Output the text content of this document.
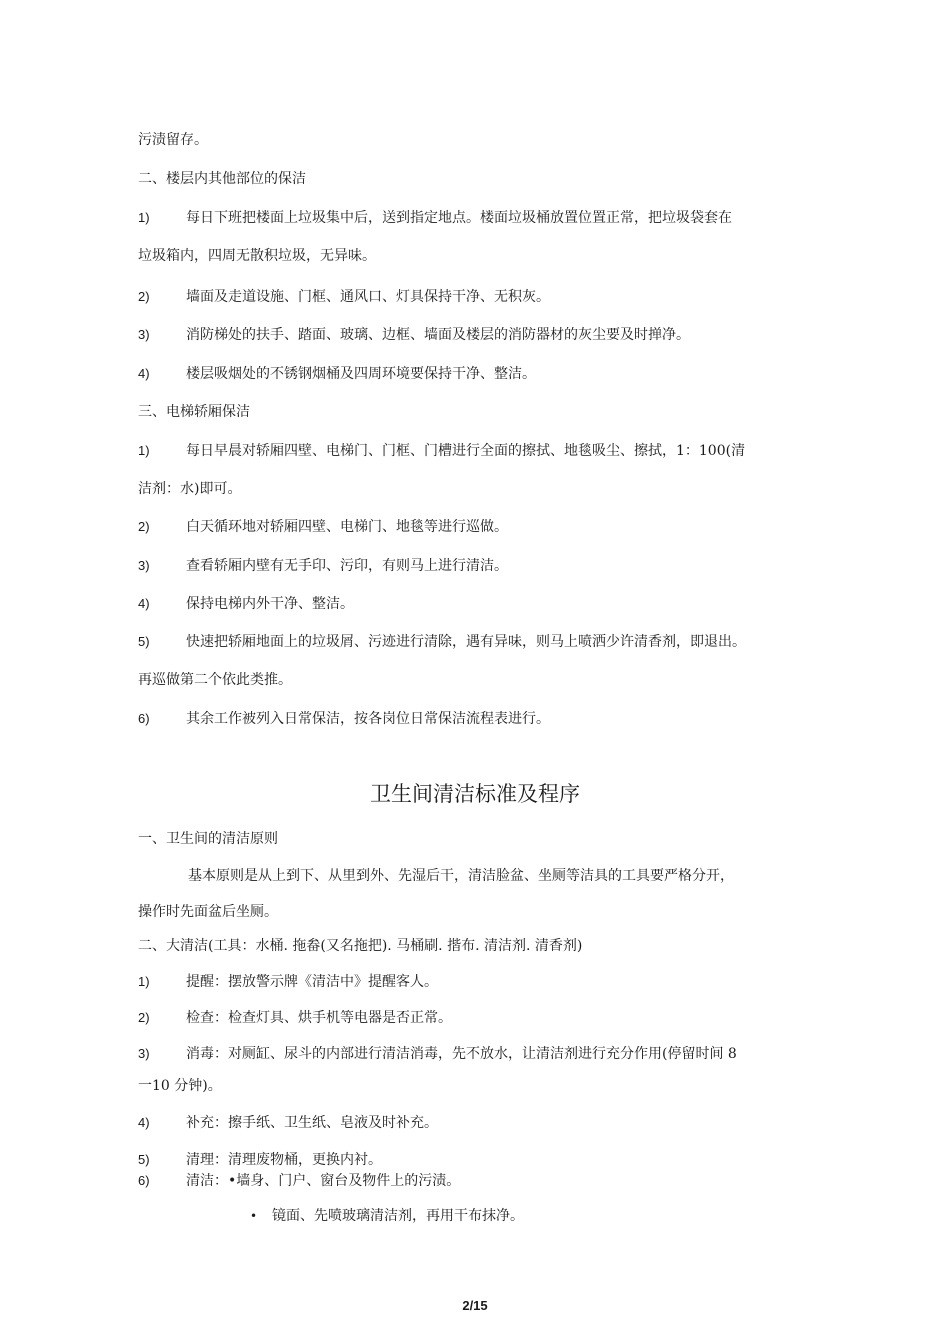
污渍留存。
二、楼层内其他部位的保洁
1)	每日下班把楼面上垃圾集中后，送到指定地点。楼面垃圾桶放置位置正常，把垃圾袋套在
垃圾箱内，四周无散积垃圾，无异味。
2)	墙面及走道设施、门框、通风口、灯具保持干净、无积灰。
3)	消防梯处的扶手、踏面、玻璃、边框、墙面及楼层的消防器材的灰尘要及时掸净。
4)	楼层吸烟处的不锈钢烟桶及四周环境要保持干净、整洁。
三、电梯轿厢保洁
1)	每日早晨对轿厢四壁、电梯门、门框、门槽进行全面的擦拭、地毯吸尘、擦拭，1：100(清
洁剂：水)即可。
2)	白天循环地对轿厢四壁、电梯门、地毯等进行巡做。
3)	查看轿厢内壁有无手印、污印，有则马上进行清洁。
4)	保持电梯内外干净、整洁。
5)	快速把轿厢地面上的垃圾屑、污迹进行清除，遇有异味，则马上喷洒少许清香剂，即退出。
再巡做第二个依此类推。
6)	其余工作被列入日常保洁，按各岗位日常保洁流程表进行。
卫生间清洁标准及程序
一、卫生间的清洁原则
基本原则是从上到下、从里到外、先湿后干，清洁脸盆、坐厕等洁具的工具要严格分开，
操作时先面盆后坐厕。
二、大清洁(工具：水桶. 拖畚(又名拖把). 马桶刷. 揩布. 清洁剂. 清香剂)
1)	提醒：摆放警示牌《清洁中》提醒客人。
2)	检查：检查灯具、烘手机等电器是否正常。
3)	消毒：对厕缸、尿斗的内部进行清洁消毒，先不放水，让清洁剂进行充分作用(停留时间 8
一10 分钟)。
4)	补充：擦手纸、卫生纸、皂液及时补充。
5)	清理：清理废物桶，更换内衬。
6)	清洁：•墙身、门户、窗台及物件上的污渍。
• 镜面、先喷玻璃清洁剂，再用干布抹净。
2/15
